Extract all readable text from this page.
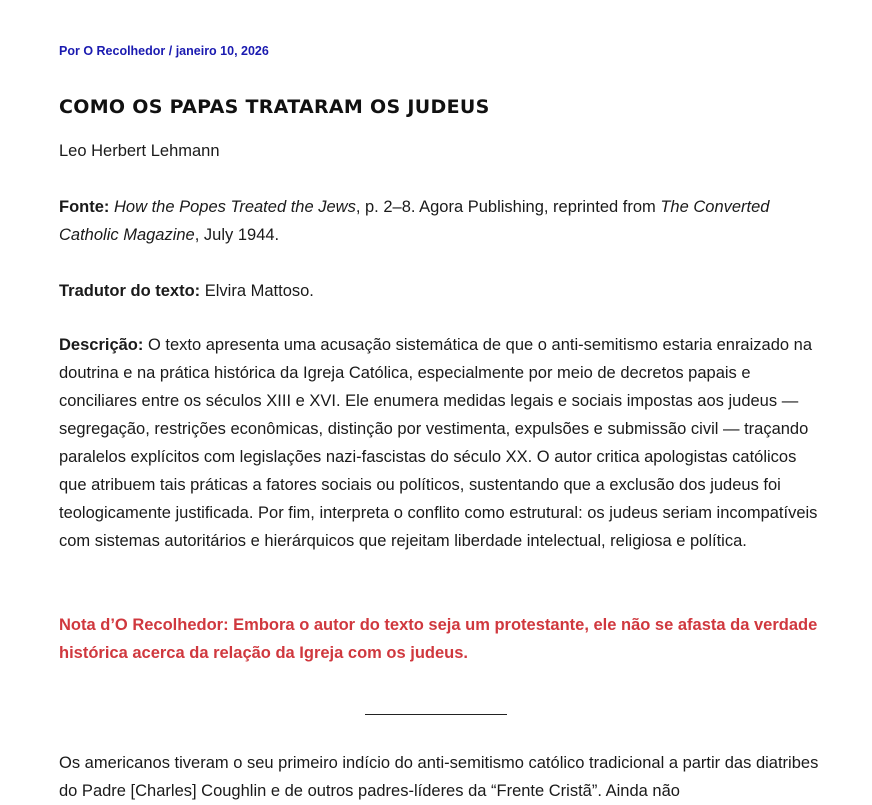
Por O Recolhedor / janeiro 10, 2026
COMO OS PAPAS TRATARAM OS JUDEUS

Leo Herbert Lehmann

Fonte: How the Popes Treated the Jews, p. 2–8. Agora Publishing, reprinted from The Converted Catholic Magazine, July 1944.

Tradutor do texto: Elvira Mattoso.

Descrição: O texto apresenta uma acusação sistemática de que o anti-semitismo estaria enraizado na doutrina e na prática histórica da Igreja Católica, especialmente por meio de decretos papais e conciliares entre os séculos XIII e XVI. Ele enumera medidas legais e sociais impostas aos judeus — segregação, restrições econômicas, distinção por vestimenta, expulsões e submissão civil — traçando paralelos explícitos com legislações nazi-fascistas do século XX. O autor critica apologistas católicos que atribuem tais práticas a fatores sociais ou políticos, sustentando que a exclusão dos judeus foi teologicamente justificada. Por fim, interpreta o conflito como estrutural: os judeus seriam incompatíveis com sistemas autoritários e hierárquicos que rejeitam liberdade intelectual, religiosa e política.

Nota d’O Recolhedor: Embora o autor do texto seja um protestante, ele não se afasta da verdade histórica acerca da relação da Igreja com os judeus.

Os americanos tiveram o seu primeiro indício do anti-semitismo católico tradicional a partir das diatribes do Padre [Charles] Coughlin e de outros padres-líderes da “Frente Cristã”. Ainda não
